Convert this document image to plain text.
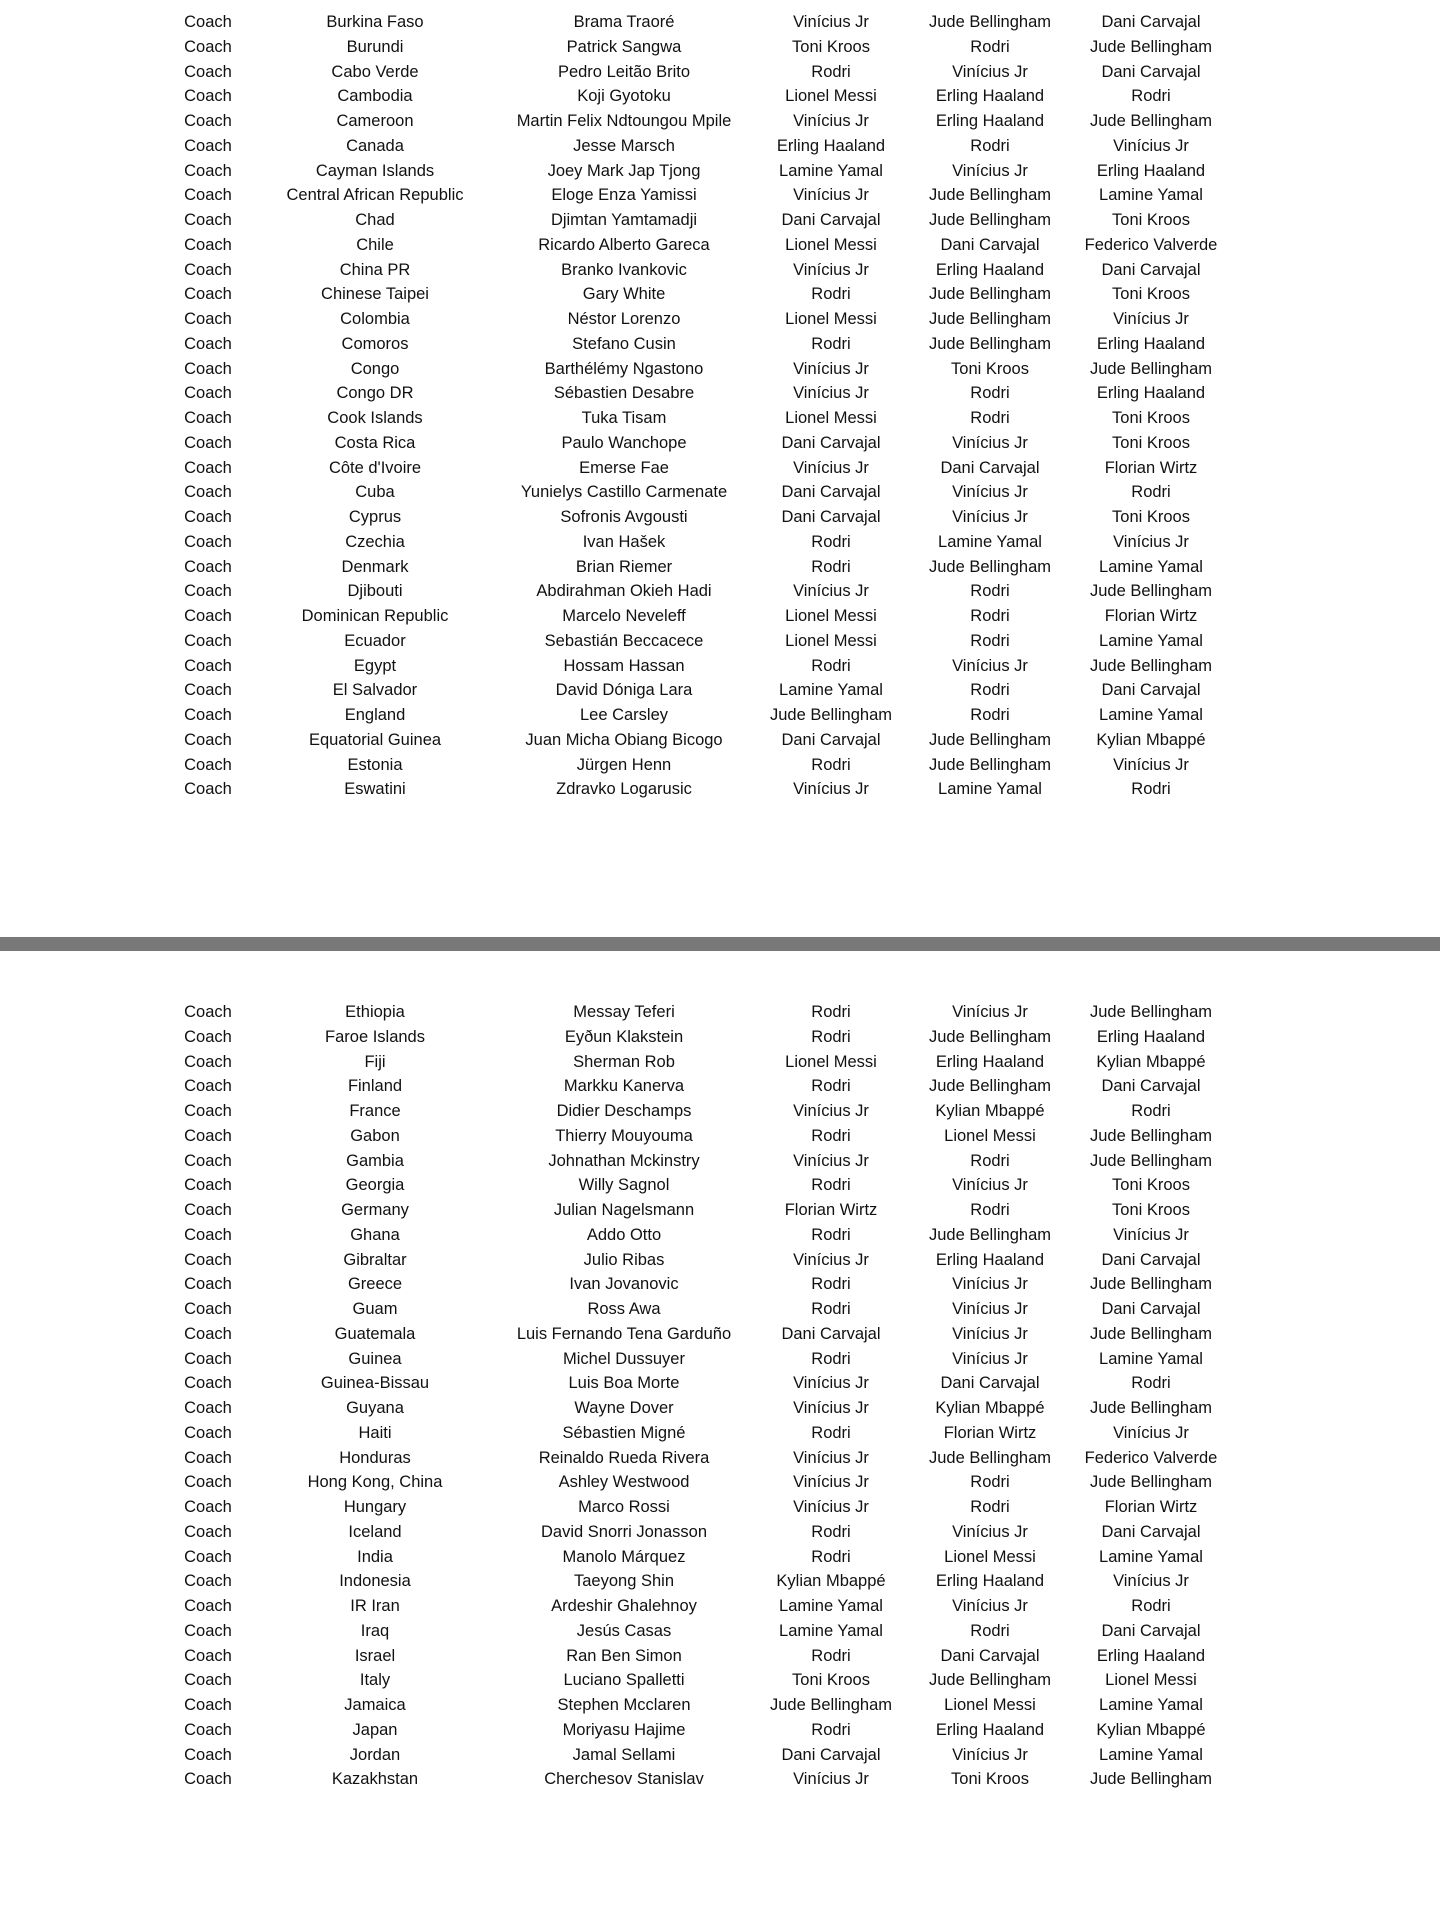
Coach	Burkina Faso	Brama Traoré	Vinícius Jr	Jude Bellingham	Dani Carvajal
Coach	Burundi	Patrick Sangwa	Toni Kroos	Rodri	Jude Bellingham
Coach	Cabo Verde	Pedro Leitão Brito	Rodri	Vinícius Jr	Dani Carvajal
Coach	Cambodia	Koji Gyotoku	Lionel Messi	Erling Haaland	Rodri
Coach	Cameroon	Martin Felix Ndtoungou Mpile	Vinícius Jr	Erling Haaland	Jude Bellingham
Coach	Canada	Jesse Marsch	Erling Haaland	Rodri	Vinícius Jr
Coach	Cayman Islands	Joey Mark Jap Tjong	Lamine Yamal	Vinícius Jr	Erling Haaland
Coach	Central African Republic	Eloge Enza Yamissi	Vinícius Jr	Jude Bellingham	Lamine Yamal
Coach	Chad	Djimtan Yamtamadji	Dani Carvajal	Jude Bellingham	Toni Kroos
Coach	Chile	Ricardo Alberto Gareca	Lionel Messi	Dani Carvajal	Federico Valverde
Coach	China PR	Branko Ivankovic	Vinícius Jr	Erling Haaland	Dani Carvajal
Coach	Chinese Taipei	Gary White	Rodri	Jude Bellingham	Toni Kroos
Coach	Colombia	Néstor Lorenzo	Lionel Messi	Jude Bellingham	Vinícius Jr
Coach	Comoros	Stefano Cusin	Rodri	Jude Bellingham	Erling Haaland
Coach	Congo	Barthélémy Ngastono	Vinícius Jr	Toni Kroos	Jude Bellingham
Coach	Congo DR	Sébastien Desabre	Vinícius Jr	Rodri	Erling Haaland
Coach	Cook Islands	Tuka Tisam	Lionel Messi	Rodri	Toni Kroos
Coach	Costa Rica	Paulo Wanchope	Dani Carvajal	Vinícius Jr	Toni Kroos
Coach	Côte d'Ivoire	Emerse Fae	Vinícius Jr	Dani Carvajal	Florian Wirtz
Coach	Cuba	Yunielys Castillo Carmenate	Dani Carvajal	Vinícius Jr	Rodri
Coach	Cyprus	Sofronis Avgousti	Dani Carvajal	Vinícius Jr	Toni Kroos
Coach	Czechia	Ivan Hašek	Rodri	Lamine Yamal	Vinícius Jr
Coach	Denmark	Brian Riemer	Rodri	Jude Bellingham	Lamine Yamal
Coach	Djibouti	Abdirahman Okieh Hadi	Vinícius Jr	Rodri	Jude Bellingham
Coach	Dominican Republic	Marcelo Neveleff	Lionel Messi	Rodri	Florian Wirtz
Coach	Ecuador	Sebastián Beccacece	Lionel Messi	Rodri	Lamine Yamal
Coach	Egypt	Hossam Hassan	Rodri	Vinícius Jr	Jude Bellingham
Coach	El Salvador	David Dóniga Lara	Lamine Yamal	Rodri	Dani Carvajal
Coach	England	Lee Carsley	Jude Bellingham	Rodri	Lamine Yamal
Coach	Equatorial Guinea	Juan Micha Obiang Bicogo	Dani Carvajal	Jude Bellingham	Kylian Mbappé
Coach	Estonia	Jürgen Henn	Rodri	Jude Bellingham	Vinícius Jr
Coach	Eswatini	Zdravko Logarusic	Vinícius Jr	Lamine Yamal	Rodri
Coach	Ethiopia	Messay Teferi	Rodri	Vinícius Jr	Jude Bellingham
Coach	Faroe Islands	Eyðun Klakstein	Rodri	Jude Bellingham	Erling Haaland
Coach	Fiji	Sherman Rob	Lionel Messi	Erling Haaland	Kylian Mbappé
Coach	Finland	Markku Kanerva	Rodri	Jude Bellingham	Dani Carvajal
Coach	France	Didier Deschamps	Vinícius Jr	Kylian Mbappé	Rodri
Coach	Gabon	Thierry Mouyouma	Rodri	Lionel Messi	Jude Bellingham
Coach	Gambia	Johnathan Mckinstry	Vinícius Jr	Rodri	Jude Bellingham
Coach	Georgia	Willy Sagnol	Rodri	Vinícius Jr	Toni Kroos
Coach	Germany	Julian Nagelsmann	Florian Wirtz	Rodri	Toni Kroos
Coach	Ghana	Addo Otto	Rodri	Jude Bellingham	Vinícius Jr
Coach	Gibraltar	Julio Ribas	Vinícius Jr	Erling Haaland	Dani Carvajal
Coach	Greece	Ivan Jovanovic	Rodri	Vinícius Jr	Jude Bellingham
Coach	Guam	Ross Awa	Rodri	Vinícius Jr	Dani Carvajal
Coach	Guatemala	Luis Fernando Tena Garduño	Dani Carvajal	Vinícius Jr	Jude Bellingham
Coach	Guinea	Michel Dussuyer	Rodri	Vinícius Jr	Lamine Yamal
Coach	Guinea-Bissau	Luis Boa Morte	Vinícius Jr	Dani Carvajal	Rodri
Coach	Guyana	Wayne Dover	Vinícius Jr	Kylian Mbappé	Jude Bellingham
Coach	Haiti	Sébastien Migné	Rodri	Florian Wirtz	Vinícius Jr
Coach	Honduras	Reinaldo Rueda Rivera	Vinícius Jr	Jude Bellingham	Federico Valverde
Coach	Hong Kong, China	Ashley Westwood	Vinícius Jr	Rodri	Jude Bellingham
Coach	Hungary	Marco Rossi	Vinícius Jr	Rodri	Florian Wirtz
Coach	Iceland	David Snorri Jonasson	Rodri	Vinícius Jr	Dani Carvajal
Coach	India	Manolo Márquez	Rodri	Lionel Messi	Lamine Yamal
Coach	Indonesia	Taeyong Shin	Kylian Mbappé	Erling Haaland	Vinícius Jr
Coach	IR Iran	Ardeshir Ghalehnoy	Lamine Yamal	Vinícius Jr	Rodri
Coach	Iraq	Jesús Casas	Lamine Yamal	Rodri	Dani Carvajal
Coach	Israel	Ran Ben Simon	Rodri	Dani Carvajal	Erling Haaland
Coach	Italy	Luciano Spalletti	Toni Kroos	Jude Bellingham	Lionel Messi
Coach	Jamaica	Stephen Mcclaren	Jude Bellingham	Lionel Messi	Lamine Yamal
Coach	Japan	Moriyasu Hajime	Rodri	Erling Haaland	Kylian Mbappé
Coach	Jordan	Jamal Sellami	Dani Carvajal	Vinícius Jr	Lamine Yamal
Coach	Kazakhstan	Cherchesov Stanislav	Vinícius Jr	Toni Kroos	Jude Bellingham
